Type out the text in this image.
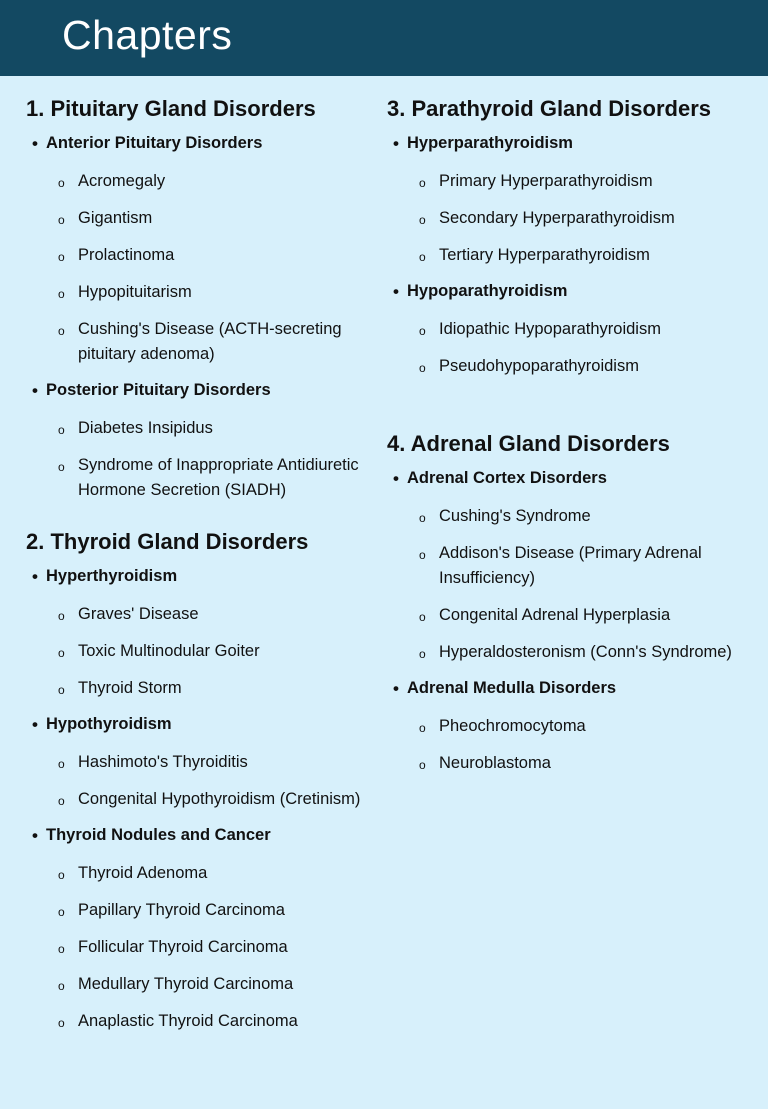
Chapters
1. Pituitary Gland Disorders
• Anterior Pituitary Disorders
o Acromegaly
o Gigantism
o Prolactinoma
o Hypopituitarism
o Cushing's Disease (ACTH-secreting pituitary adenoma)
• Posterior Pituitary Disorders
o Diabetes Insipidus
o Syndrome of Inappropriate Antidiuretic Hormone Secretion (SIADH)
2. Thyroid Gland Disorders
• Hyperthyroidism
o Graves' Disease
o Toxic Multinodular Goiter
o Thyroid Storm
• Hypothyroidism
o Hashimoto's Thyroiditis
o Congenital Hypothyroidism (Cretinism)
• Thyroid Nodules and Cancer
o Thyroid Adenoma
o Papillary Thyroid Carcinoma
o Follicular Thyroid Carcinoma
o Medullary Thyroid Carcinoma
o Anaplastic Thyroid Carcinoma
3. Parathyroid Gland Disorders
• Hyperparathyroidism
o Primary Hyperparathyroidism
o Secondary Hyperparathyroidism
o Tertiary Hyperparathyroidism
• Hypoparathyroidism
o Idiopathic Hypoparathyroidism
o Pseudohypoparathyroidism
4. Adrenal Gland Disorders
• Adrenal Cortex Disorders
o Cushing's Syndrome
o Addison's Disease (Primary Adrenal Insufficiency)
o Congenital Adrenal Hyperplasia
o Hyperaldosteronism (Conn's Syndrome)
• Adrenal Medulla Disorders
o Pheochromocytoma
o Neuroblastoma
